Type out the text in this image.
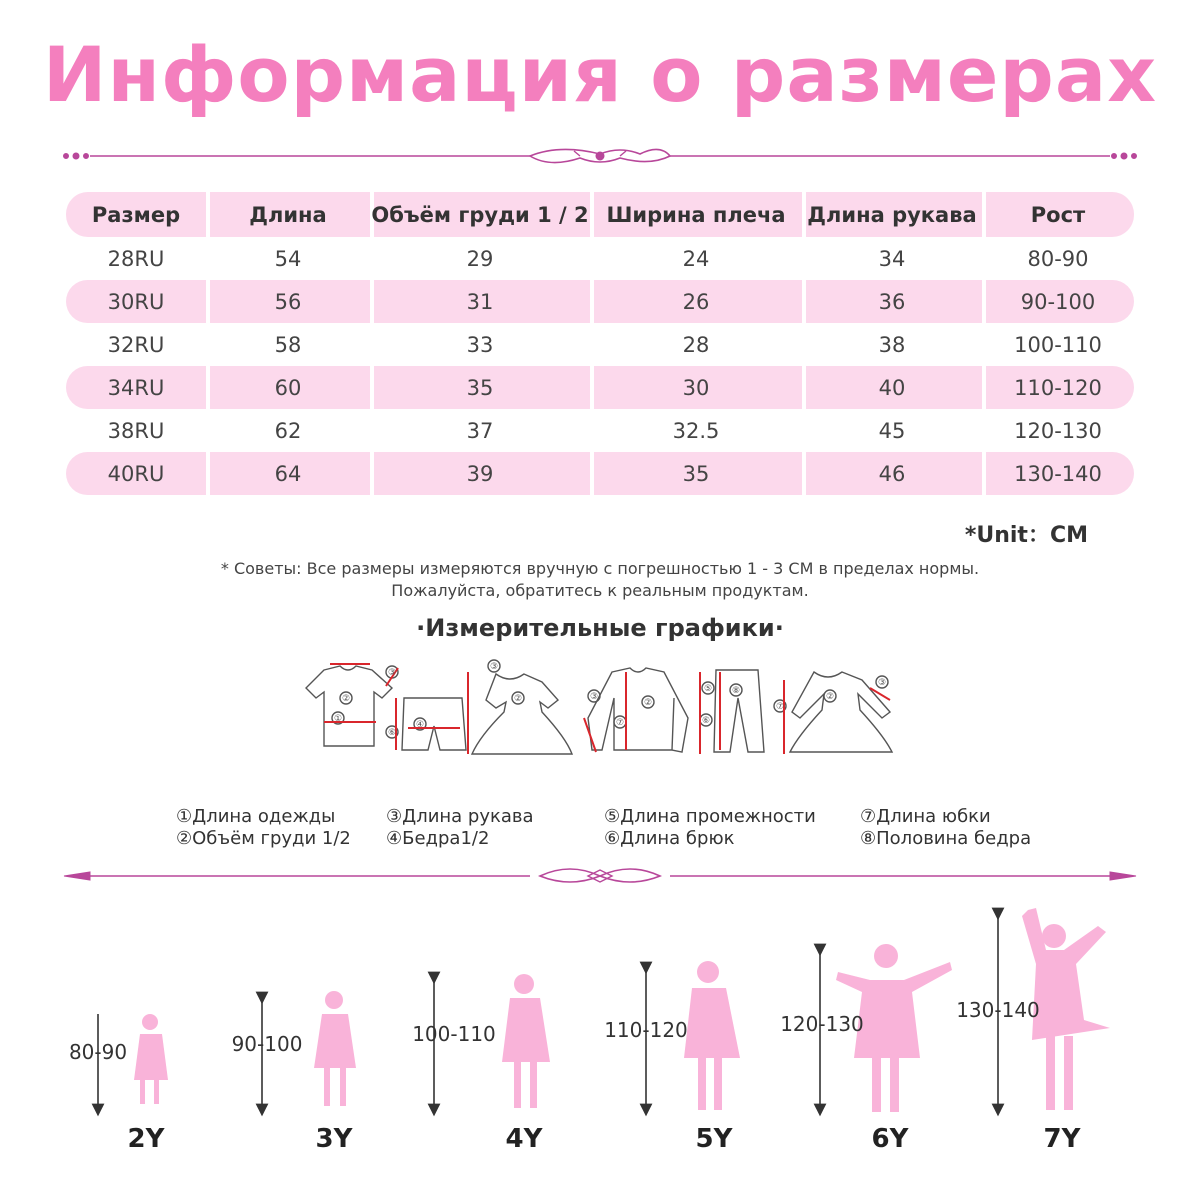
Информация о размерах
Размер	Длина	Объём груди 1 / 2	Ширина плеча	Длина рукава	Рост
28RU	54	29	24	34	80-90
30RU	56	31	26	36	90-100
32RU	58	33	28	38	100-110
34RU	60	35	30	40	110-120
38RU	62	37	32.5	45	120-130
40RU	64	39	35	46	130-140
*Unit：CM
* Советы: Все размеры измеряются вручную с погрешностью 1 - 3 CM в пределах нормы.
Пожалуйста, обратитесь к реальным продуктам.
·Измерительные графики·
②
①
③
④
⑥
②
③
②
⑦
③
⑧
⑤
⑥
②
⑦
③
①Длина одежды
②Объём груди 1/2
③Длина рукава
④Бедра1/2
⑤Длина промежности
⑥Длина брюк
⑦Длина юбки
⑧Половина бедра
80-90	90-100	100-110	110-120	120-130
130-140
2Y	3Y	4Y	5Y	6Y	7Y
